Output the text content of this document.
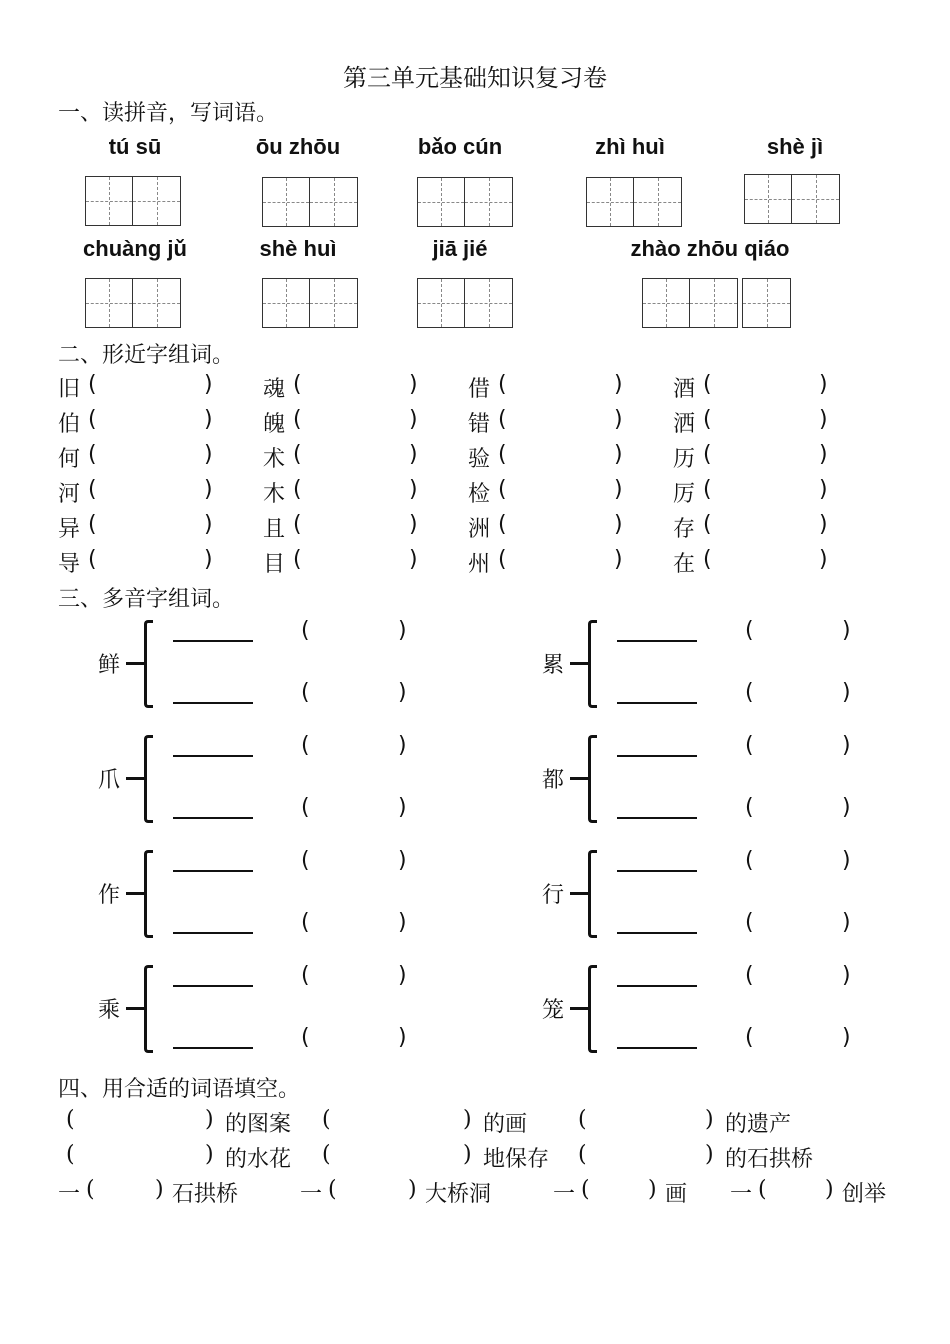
第三单元基础知识复习卷
一、读拼音，写词语。
tú sū	ōu zhōu	bǎo cún	zhì huì	shè jì
chuàng jǔ	shè huì	jiā jié	zhào zhōu qiáo
二、形近字组词。
旧 (	) 魂 (	) 借 (	) 酒 (	)
伯 (	) 魄 (	) 错 (	) 洒 (	)
何 (	) 术 (	) 验 (	) 历 (	)
河 (	) 木 (	) 检 (	) 厉 (	)
异 (	) 且 (	) 洲 (	) 存 (	)
导 (	) 目 (	) 州 (	) 在 (	)
三、多音字组词。
鲜
(	)
(	)
累
(	)
(	)
爪
(	)
(	)
都
(	)
(	)
作
(	)
(	)
行
(	)
(	)
乘
(	)
(	)
笼
(	)
(	)
四、用合适的词语填空。
(	) 的图案 (	) 的画 (	) 的遗产
(	) 的水花 (	) 地保存 (	) 的石拱桥
一 (	) 石拱桥	一 (	) 大桥洞	一 (	) 画 一 (	) 创举
